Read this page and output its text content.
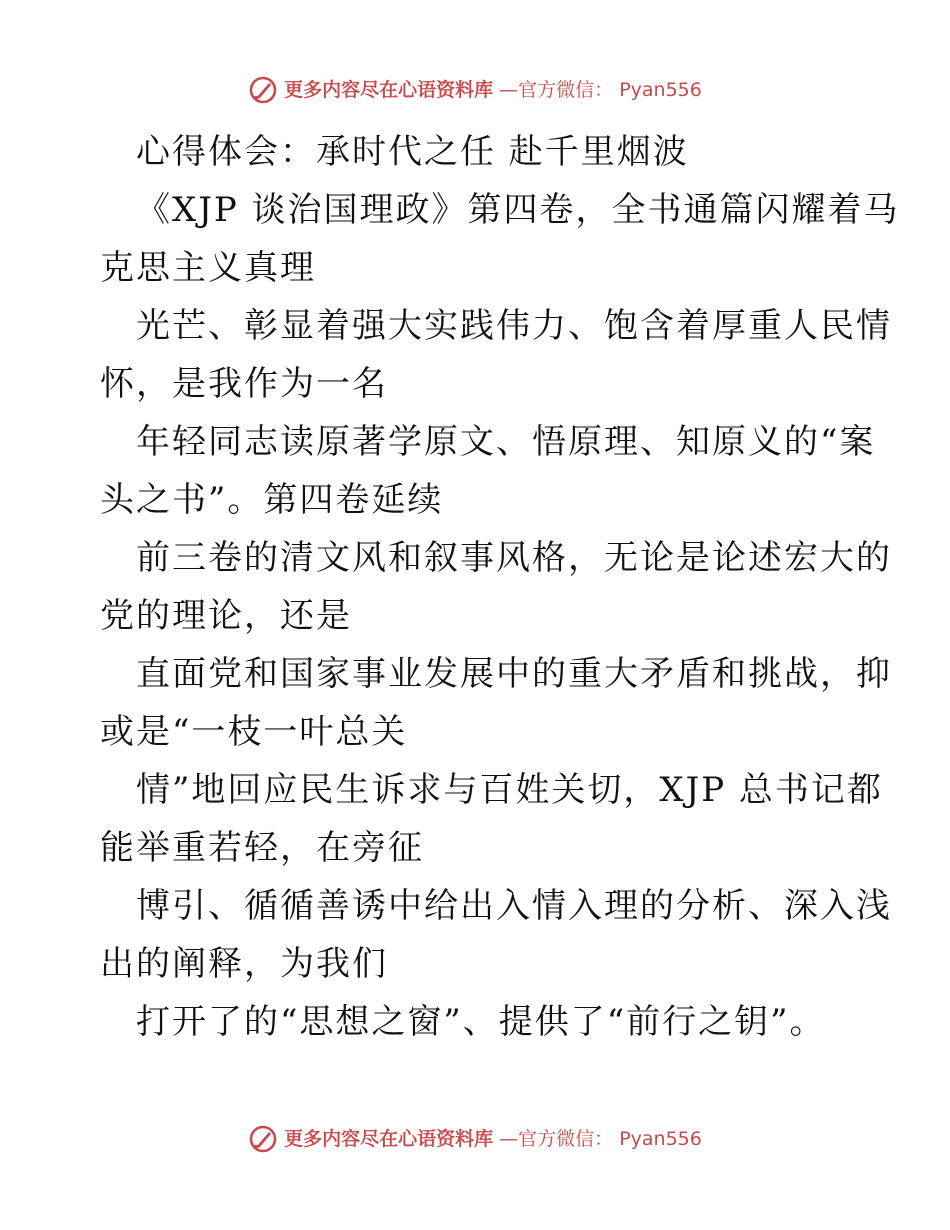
更多内容尽在心语资料库 —官方微信： Pyan556

心得体会：承时代之任 赴千里烟波

《XJP 谈治国理政》第四卷，全书通篇闪耀着马

克思主义真理

光芒、彰显着强大实践伟力、饱含着厚重人民情

怀，是我作为一名

年轻同志读原著学原文、悟原理、知原义的“案

头之书”。第四卷延续

前三卷的清文风和叙事风格，无论是论述宏大的

党的理论，还是

直面党和国家事业发展中的重大矛盾和挑战，抑

或是“一枝一叶总关

情”地回应民生诉求与百姓关切，XJP 总书记都

能举重若轻，在旁征

博引、循循善诱中给出入情入理的分析、深入浅

出的阐释，为我们

打开了的“思想之窗”、提供了“前行之钥”。

更多内容尽在心语资料库 —官方微信： Pyan556
